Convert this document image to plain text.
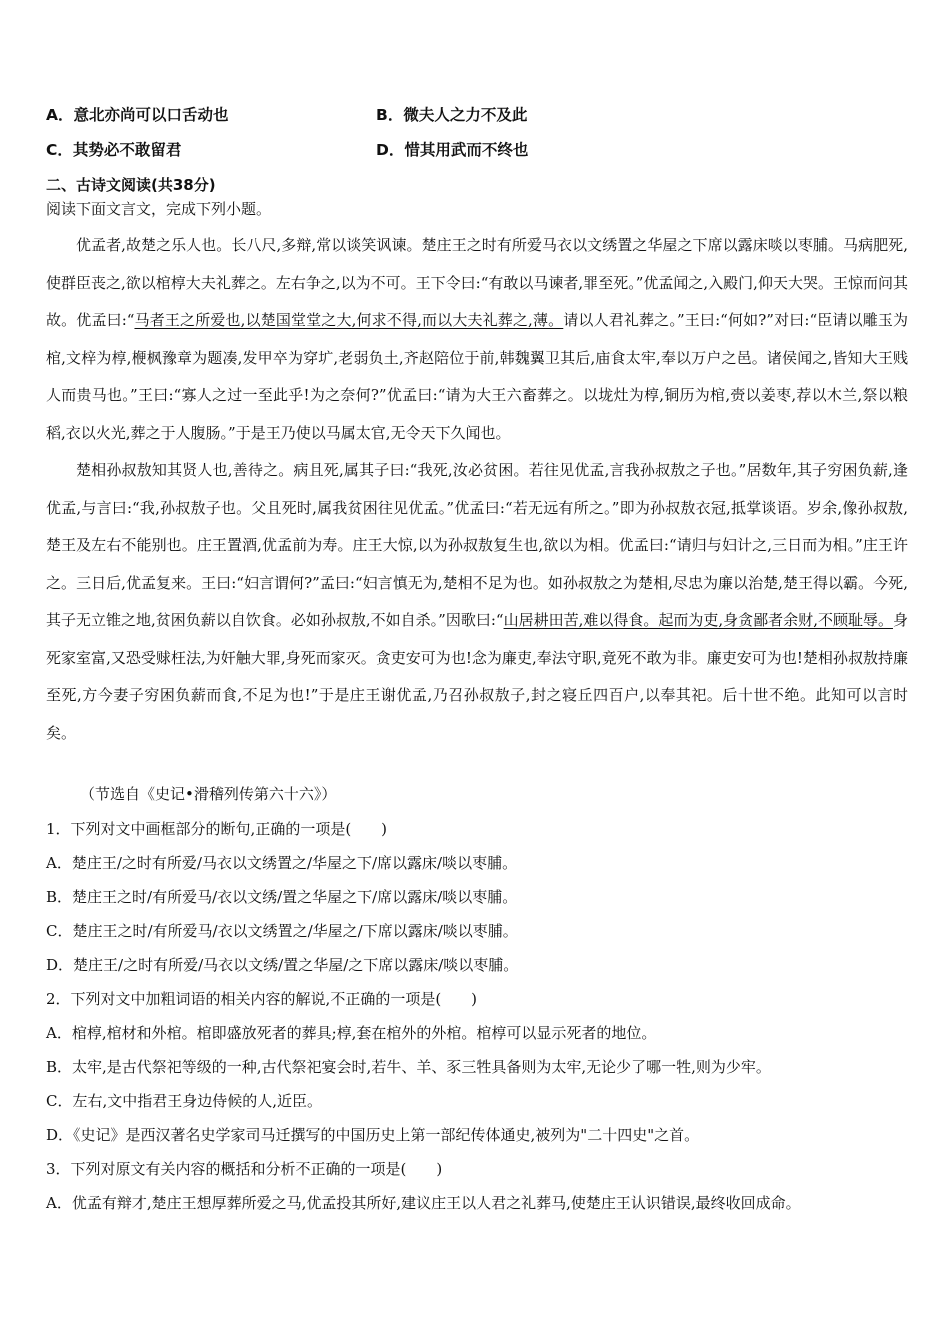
A．意北亦尚可以口舌动也	B．微夫人之力不及此
C．其势必不敢留君	D．惜其用武而不终也
二、古诗文阅读(共38分)
阅读下面文言文，完成下列小题。

优孟者,故楚之乐人也。长八尺,多辩,常以谈笑讽谏。楚庄王之时有所爱马衣以文绣置之华屋之下席以露床啖以枣脯。马病肥死,使群臣丧之,欲以棺椁大夫礼葬之。左右争之,以为不可。王下令曰:“有敢以马谏者,罪至死。”优孟闻之,入殿门,仰天大哭。王惊而问其故。优孟曰:“马者王之所爱也,以楚国堂堂之大,何求不得,而以大夫礼葬之,薄。请以人君礼葬之。”王曰:“何如?”对曰:“臣请以雕玉为棺,文梓为椁,楩枫豫章为题凑,发甲卒为穿圹,老弱负土,齐赵陪位于前,韩魏翼卫其后,庙食太牢,奉以万户之邑。诸侯闻之,皆知大王贱人而贵马也。”王曰:“寡人之过一至此乎!为之奈何?”优孟曰:“请为大王六畜葬之。以垅灶为椁,铜历为棺,赍以姜枣,荐以木兰,祭以粮稻,衣以火光,葬之于人腹肠。”于是王乃使以马属太官,无令天下久闻也。

楚相孙叔敖知其贤人也,善待之。病且死,属其子曰:“我死,汝必贫困。若往见优孟,言我孙叔敖之子也。”居数年,其子穷困负薪,逢优孟,与言曰:“我,孙叔敖子也。父且死时,属我贫困往见优孟。”优孟曰:“若无远有所之。”即为孙叔敖衣冠,抵掌谈语。岁余,像孙叔敖,楚王及左右不能别也。庄王置酒,优孟前为寿。庄王大惊,以为孙叔敖复生也,欲以为相。优孟曰:“请归与妇计之,三日而为相。”庄王许之。三日后,优孟复来。王曰:“妇言谓何?”孟曰:“妇言慎无为,楚相不足为也。如孙叔敖之为楚相,尽忠为廉以治楚,楚王得以霸。今死,其子无立锥之地,贫困负薪以自饮食。必如孙叔敖,不如自杀。”因歌曰:“山居耕田苦,难以得食。起而为吏,身贪鄙者余财,不顾耻辱。身死家室富,又恐受赇枉法,为奸触大罪,身死而家灭。贪吏安可为也!念为廉吏,奉法守职,竟死不敢为非。廉吏安可为也!楚相孙叔敖持廉至死,方今妻子穷困负薪而食,不足为也!”于是庄王谢优孟,乃召孙叔敖子,封之寝丘四百户,以奉其祀。后十世不绝。此知可以言时矣。

（节选自《史记•滑稽列传第六十六》）
1．下列对文中画框部分的断句,正确的一项是(　　)
A．楚庄王/之时有所爱/马衣以文绣置之/华屋之下/席以露床/啖以枣脯。
B．楚庄王之时/有所爱马/衣以文绣/置之华屋之下/席以露床/啖以枣脯。
C．楚庄王之时/有所爱马/衣以文绣置之/华屋之/下席以露床/啖以枣脯。
D．楚庄王/之时有所爱/马衣以文绣/置之华屋/之下席以露床/啖以枣脯。
2．下列对文中加粗词语的相关内容的解说,不正确的一项是(　　)
A．棺椁,棺材和外棺。棺即盛放死者的葬具;椁,套在棺外的外棺。棺椁可以显示死者的地位。
B．太牢,是古代祭祀等级的一种,古代祭祀宴会时,若牛、羊、豕三牲具备则为太牢,无论少了哪一牲,则为少牢。
C．左右,文中指君王身边侍候的人,近臣。
D．《史记》是西汉著名史学家司马迁撰写的中国历史上第一部纪传体通史,被列为"二十四史"之首。
3．下列对原文有关内容的概括和分析不正确的一项是(　　)
A．优孟有辩才,楚庄王想厚葬所爱之马,优孟投其所好,建议庄王以人君之礼葬马,使楚庄王认识错误,最终收回成命。
